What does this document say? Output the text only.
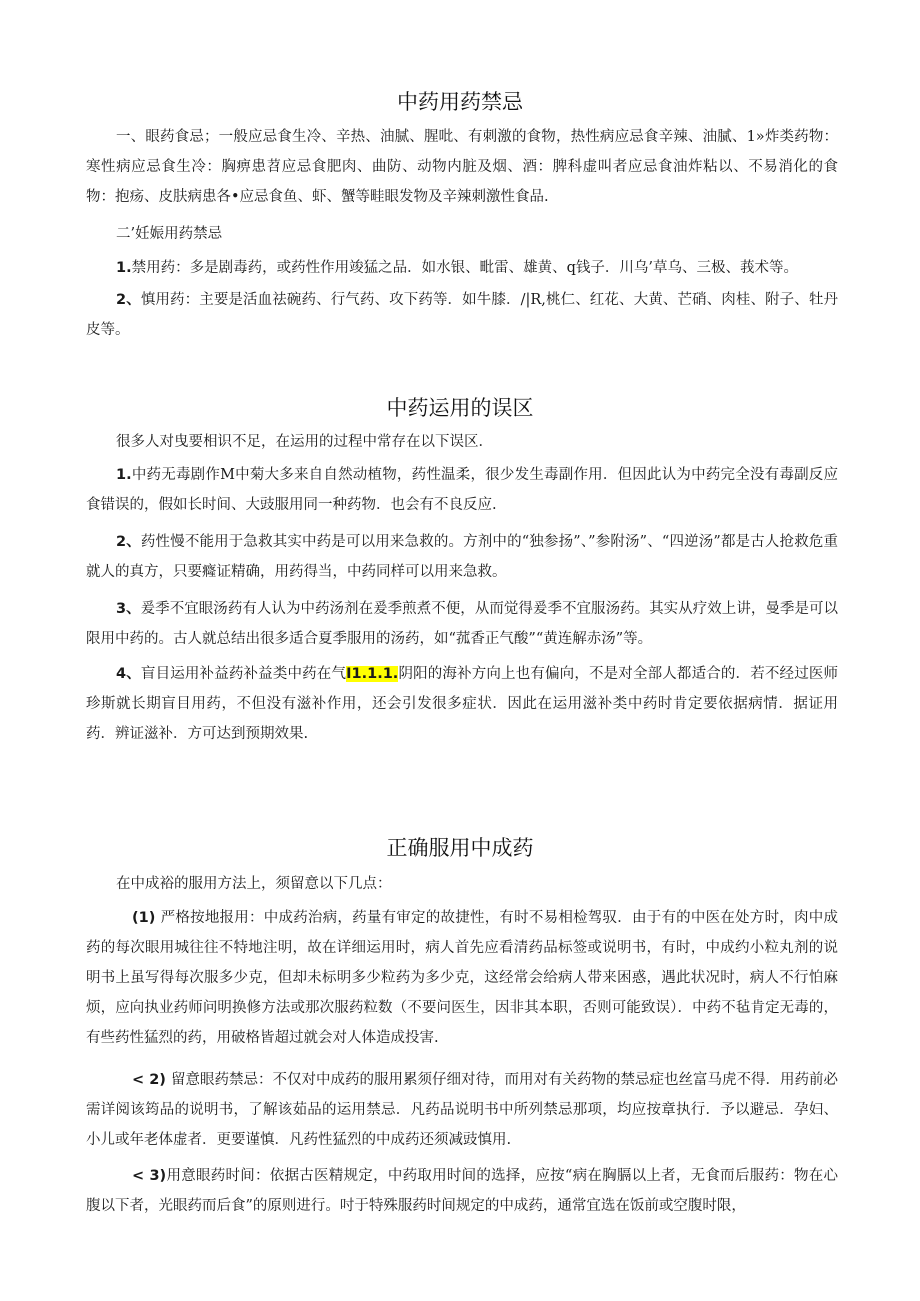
中药用药禁忌

一、眼药食忌；一般应忌食生冷、辛热、油腻、腥吡、有刺激的食物，热性病应忌食辛辣、油腻、1»炸类药物：寒性病应忌食生冷：胸痹患苕应忌食肥肉、曲防、动物内脏及烟、酒：脾科虚叫者应忌食油炸粘以、不易消化的食物：抱疡、皮肤病患各•应忌食鱼、虾、蟹等畦眼发物及辛辣刺激性食品.

二’妊娠用药禁忌

1.禁用药：多是剧毒药，或药性作用竣猛之品．如水银、毗雷、雄黄、q钱子．川乌’草乌、三极、莪术等。

2、慎用药：主要是活血祛碗药、行气药、攻下药等．如牛膝．/|R,桃仁、红花、大黄、芒硝、肉桂、附子、牡丹皮等。

中药运用的误区

很多人对曳要相识不足，在运用的过程中常存在以下误区．

1.中药无毒剧作M中菊大多来自自然动植物，药性温柔，很少发生毒副作用．但因此认为中药完全没有毒副反应食错误的，假如长时间、大豉服用同一种药物．也会有不良反应.

2、药性慢不能用于急救其实中药是可以用来急救的。方剂中的“独参扬”、”参附汤”、“四逆汤”都是古人抢救危重就人的真方，只要癃证精确，用药得当，中药同样可以用来急救。

3、爰季不宜眼汤药有人认为中药汤剂在爰季煎煮不便，从而觉得爰季不宜服汤药。其实从疗效上讲，曼季是可以限用中药的。古人就总结出很多适合夏季服用的汤药，如“菰香正气酸”“黄连解赤汤”等。

4、盲目运用补益药补益类中药在气I1.1.1.阴阳的海补方向上也有偏向，不是对全部人都适合的．若不经过医师珍斯就长期盲目用药，不但没有滋补作用，还会引发很多症状．因此在运用滋补类中药时肯定要依据病情．据证用药．辨证滋补．方可达到预期效果.

正确服用中成药

在中成裕的服用方法上，须留意以下几点：

(1) 严格按地报用：中成药治病，药量有审定的故捷性，有时不易相检驾驭．由于有的中医在处方时，肉中成药的每次眼用城往往不特地注明，故在详细运用时，病人首先应看清药品标签或说明书，有时，中成约小粒丸剂的说明书上虽写得每次服多少克，但却未标明多少粒药为多少克，这经常会给病人带来困惑，遇此状况时，病人不行怕麻烦，应向执业药师问明换修方法或那次服药粒数（不要问医生，因非其本职，否则可能致误）．中药不毡肯定无毒的，有些药性猛烈的药，用破格皆超过就会对人体造成投害.

< 2) 留意眼药禁忌：不仅对中成药的服用累须仔细对待，而用对有关药物的禁忌症也丝富马虎不得．用药前必需详阅该筠品的说明书，了解该茹品的运用禁忌．凡药品说明书中所列禁忌那项，均应按章执行．予以避忌．孕妇、小儿或年老体虚者．更要谨慎．凡药性猛烈的中成药还须减豉慎用.

< 3)用意眼药时间：依据古医精规定，中药取用时间的选择，应按“病在胸膈以上者，无食而后服药：物在心腹以下者，光眼药而后食”的原则进行。吋于特殊服药时间规定的中成药，通常宜选在饭前或空腹时限，
